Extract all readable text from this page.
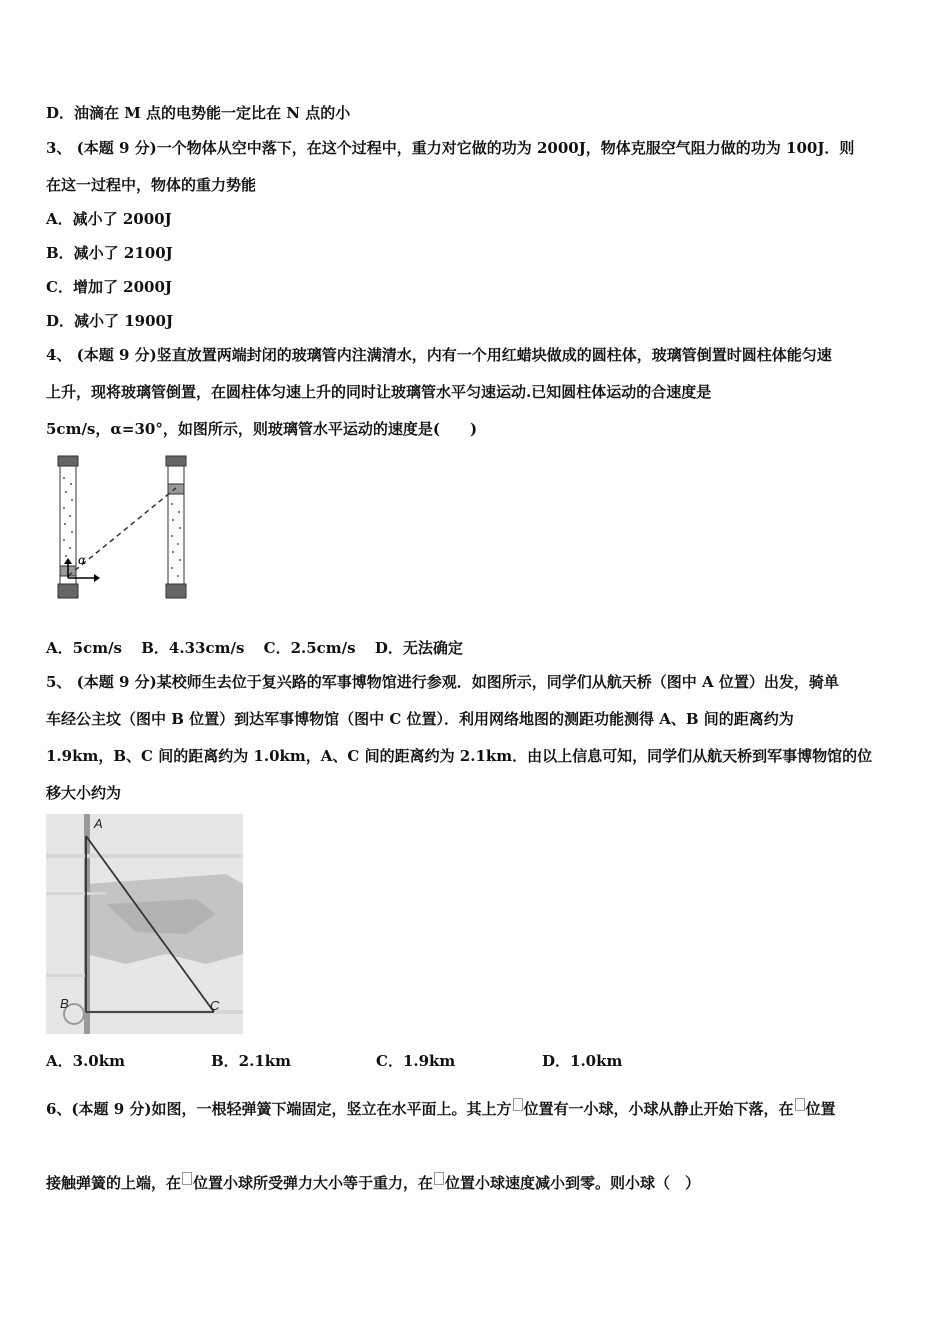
D．油滴在 M 点的电势能一定比在 N 点的小
3、 (本题 9 分)一个物体从空中落下，在这个过程中，重力对它做的功为 2000J，物体克服空气阻力做的功为 100J．则
在这一过程中，物体的重力势能
A．减小了 2000J
B．减小了 2100J
C．增加了 2000J
D．减小了 1900J
4、 (本题 9 分)竖直放置两端封闭的玻璃管内注满清水，内有一个用红蜡块做成的圆柱体，玻璃管倒置时圆柱体能匀速
上升，现将玻璃管倒置，在圆柱体匀速上升的同时让玻璃管水平匀速运动.已知圆柱体运动的合速度是
5cm/s，α=30°，如图所示，则玻璃管水平运动的速度是(　　)
α
A．5cm/s B．4.33cm/s C．2.5cm/s D．无法确定
5、 (本题 9 分)某校师生去位于复兴路的军事博物馆进行参观．如图所示，同学们从航天桥（图中 A 位置）出发，骑单
车经公主坟（图中 B 位置）到达军事博物馆（图中 C 位置）．利用网络地图的测距功能测得 A、B 间的距离约为
1.9km，B、C 间的距离约为 1.0km，A、C 间的距离约为 2.1km．由以上信息可知，同学们从航天桥到军事博物馆的位
移大小约为
A
B	C
A．3.0km	B．2.1km	C．1.9km	D．1.0km
6、(本题 9 分)如图，一根轻弹簧下端固定，竖立在水平面上。其上方 位置有一小球，小球从静止开始下落，在 位置
接触弹簧的上端，在 位置小球所受弹力大小等于重力，在 位置小球速度减小到零。则小球（　）
